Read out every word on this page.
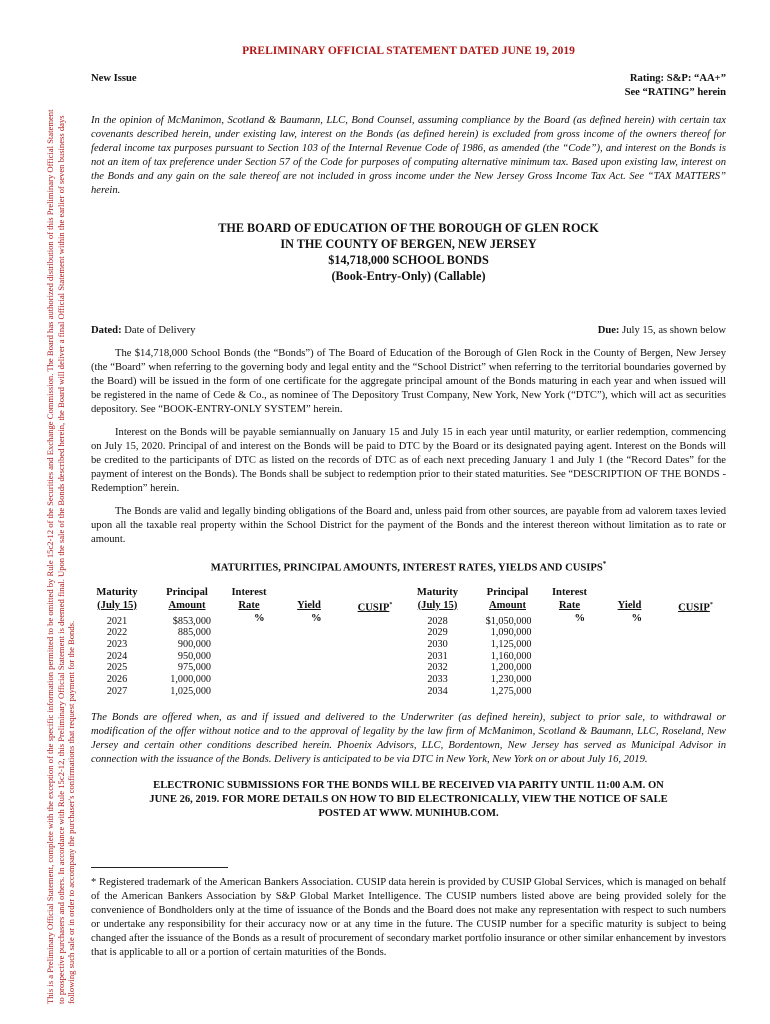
This is a Preliminary Official Statement, complete with the exception of the specific information permitted to be omitted by Rule 15c2-12 of the Securities and Exchange Commission. The Board has authorized distribution of this Preliminary Official Statement to prospective purchasers and others. In accordance with Rule 15c2-12, this Preliminary Official Statement is deemed final. Upon the sale of the Bonds described herein, the Board will deliver a final Official Statement within the earlier of seven business days following such sale or in order to accompany the purchaser's confirmations that request payment for the Bonds.
PRELIMINARY OFFICIAL STATEMENT DATED JUNE 19, 2019
New Issue	Rating: S&P: “AA+”
See “RATING” herein

In the opinion of McManimon, Scotland & Baumann, LLC, Bond Counsel, assuming compliance by the Board (as defined herein) with certain tax covenants described herein, under existing law, interest on the Bonds (as defined herein) is excluded from gross income of the owners thereof for federal income tax purposes pursuant to Section 103 of the Internal Revenue Code of 1986, as amended (the “Code”), and interest on the Bonds is not an item of tax preference under Section 57 of the Code for purposes of computing alternative minimum tax. Based upon existing law, interest on the Bonds and any gain on the sale thereof are not included in gross income under the New Jersey Gross Income Tax Act. See “TAX MATTERS” herein.

THE BOARD OF EDUCATION OF THE BOROUGH OF GLEN ROCK
IN THE COUNTY OF BERGEN, NEW JERSEY
$14,718,000 SCHOOL BONDS
(Book-Entry-Only) (Callable)
Dated: Date of Delivery	Due: July 15, as shown below

The $14,718,000 School Bonds (the “Bonds”) of The Board of Education of the Borough of Glen Rock in the County of Bergen, New Jersey (the “Board” when referring to the governing body and legal entity and the “School District” when referring to the territorial boundaries governed by the Board) will be issued in the form of one certificate for the aggregate principal amount of the Bonds maturing in each year and when issued will be registered in the name of Cede & Co., as nominee of The Depository Trust Company, New York, New York (“DTC”), which will act as securities depository. See “BOOK-ENTRY-ONLY SYSTEM” herein.

Interest on the Bonds will be payable semiannually on January 15 and July 15 in each year until maturity, or earlier redemption, commencing on July 15, 2020. Principal of and interest on the Bonds will be paid to DTC by the Board or its designated paying agent. Interest on the Bonds will be credited to the participants of DTC as listed on the records of DTC as of each next preceding January 1 and July 1 (the “Record Dates” for the payment of interest on the Bonds). The Bonds shall be subject to redemption prior to their stated maturities. See “DESCRIPTION OF THE BONDS - Redemption” herein.

The Bonds are valid and legally binding obligations of the Board and, unless paid from other sources, are payable from ad valorem taxes levied upon all the taxable real property within the School District for the payment of the Bonds and the interest thereon without limitation as to rate or amount.

MATURITIES, PRINCIPAL AMOUNTS, INTEREST RATES, YIELDS AND CUSIPS*
Maturity
(July 15)
Principal
Amount
Interest
Rate	Yield	CUSIP*
%	%
2021	$853,000
2022	885,000
2023	900,000
2024	950,000
2025	975,000
2026	1,000,000
2027	1,025,000
Maturity
(July 15)
Principal
Amount
Interest
Rate	Yield	CUSIP*
%	%
2028	$1,050,000
2029	1,090,000
2030	1,125,000
2031	1,160,000
2032	1,200,000
2033	1,230,000
2034	1,275,000

The Bonds are offered when, as and if issued and delivered to the Underwriter (as defined herein), subject to prior sale, to withdrawal or modification of the offer without notice and to the approval of legality by the law firm of McManimon, Scotland & Baumann, LLC, Roseland, New Jersey and certain other conditions described herein. Phoenix Advisors, LLC, Bordentown, New Jersey has served as Municipal Advisor in connection with the issuance of the Bonds. Delivery is anticipated to be via DTC in New York, New York on or about July 16, 2019.

ELECTRONIC SUBMISSIONS FOR THE BONDS WILL BE RECEIVED VIA PARITY UNTIL 11:00 A.M. ON
JUNE 26, 2019. FOR MORE DETAILS ON HOW TO BID ELECTRONICALLY, VIEW THE NOTICE OF SALE
POSTED AT WWW. MUNIHUB.COM.

* Registered trademark of the American Bankers Association. CUSIP data herein is provided by CUSIP Global Services, which is managed on behalf of the American Bankers Association by S&P Global Market Intelligence. The CUSIP numbers listed above are being provided solely for the convenience of Bondholders only at the time of issuance of the Bonds and the Board does not make any representation with respect to such numbers or undertake any responsibility for their accuracy now or at any time in the future. The CUSIP number for a specific maturity is subject to being changed after the issuance of the Bonds as a result of procurement of secondary market portfolio insurance or other similar enhancement by investors that is applicable to all or a portion of certain maturities of the Bonds.
